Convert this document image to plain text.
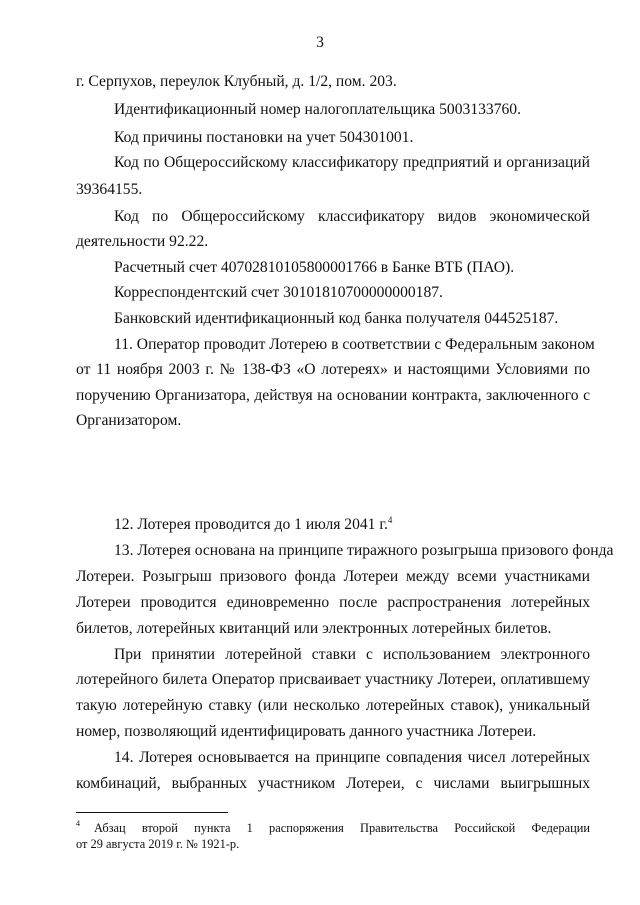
3
г. Серпухов, переулок Клубный, д. 1/2, пом. 203.
Идентификационный номер налогоплательщика 5003133760.
Код причины постановки на учет 504301001.
Код по Общероссийскому классификатору предприятий и организаций
39364155.
Код по Общероссийскому классификатору видов экономической
деятельности 92.22.
Расчетный счет 40702810105800001766 в Банке ВТБ (ПАО).
Корреспондентский счет 30101810700000000187.
Банковский идентификационный код банка получателя 044525187.
11. Оператор проводит Лотерею в соответствии с Федеральным законом
от 11 ноября 2003 г. № 138-ФЗ «О лотереях» и настоящими Условиями по
поручению Организатора, действуя на основании контракта, заключенного с
Организатором.
12. Лотерея проводится до 1 июля 2041 г.$^4$
13. Лотерея основана на принципе тиражного розыгрыша призового фонда
Лотереи. Розыгрыш призового фонда Лотереи между всеми участниками
Лотереи проводится единовременно после распространения лотерейных
билетов, лотерейных квитанций или электронных лотерейных билетов.
При принятии лотерейной ставки с использованием электронного
лотерейного билета Оператор присваивает участнику Лотереи, оплатившему
такую лотерейную ставку (или несколько лотерейных ставок), уникальный
номер, позволяющий идентифицировать данного участника Лотереи.
14. Лотерея основывается на принципе совпадения чисел лотерейных
комбинаций, выбранных участником Лотереи, с числами выигрышных
$^4$ Абзац второй пункта 1 распоряжения Правительства Российской Федерации
от 29 августа 2019 г. № 1921-р.
